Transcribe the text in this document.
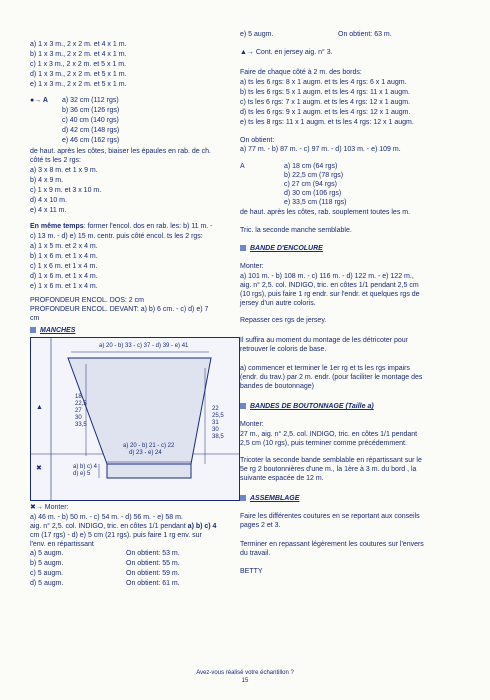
a) 1 x 3 m., 2 x 2 m. et 4 x 1 m.
b) 1 x 3 m., 2 x 2 m. et 4 x 1 m.
c) 1 x 3 m., 2 x 2 m. et 5 x 1 m.
d) 1 x 3 m., 2 x 2 m. et 5 x 1 m.
e) 1 x 3 m., 2 x 2 m. et 5 x 1 m.
●→ A a) 32 cm (112 rgs)
b) 36 cm (126 rgs)
c) 40 cm (140 rgs)
d) 42 cm (148 rgs)
e) 46 cm (162 rgs)
de haut. après les côtes, biaiser les épaules en rab. de ch.
côté ts les 2 rgs:
a) 3 x 8 m. et 1 x 9 m.
b) 4 x 9 m.
c) 1 x 9 m. et 3 x 10 m.
d) 4 x 10 m.
e) 4 x 11 m.
En même temps: former l'encol. dos en rab. les: b) 11 m. -
c) 13 m. - d) e) 15 m. centr. puis côté encol. ts les 2 rgs:
a) 1 x 5 m. et 2 x 4 m.
b) 1 x 6 m. et 1 x 4 m.
c) 1 x 6 m. et 1 x 4 m.
d) 1 x 6 m. et 1 x 4 m.
e) 1 x 6 m. et 1 x 4 m.
PROFONDEUR ENCOL. DOS: 2 cm
PROFONDEUR ENCOL. DEVANT: a) b) 6 cm. - c) d) e) 7
cm
MANCHES
a) 20 - b) 33 - c) 37 - d) 39 - e) 41
18
22,5
27
30
33,5
22
25,5
31
30
38,5
a) 20 - b) 21 - c) 22
d) 23 - e) 24
a) b) c) 4
d) e) 5
▲
✖
✖→ Monter:
a) 46 m. - b) 50 m. - c) 54 m. - d) 56 m. - e) 58 m.
aig. n° 2,5. col. INDIGO, tric. en côtes 1/1 pendant a) b) c) 4
cm (17 rgs) - d) e) 5 cm (21 rgs). puis faire 1 rg env. sur
l'env. en répartissant
a) 5 augm.	On obtient: 53 m.
b) 5 augm.	On obtient: 55 m.
c) 5 augm.	On obtient: 59 m.
d) 5 augm.	On obtient: 61 m.
e) 5 augm.	On obtient: 63 m.
▲→ Cont. en jersey aig. n° 3.
Faire de chaque côté à 2 m. des bords:
a) ts les 6 rgs: 8 x 1 augm. et ts les 4 rgs: 6 x 1 augm.
b) ts les 6 rgs: 5 x 1 augm. et ts les 4 rgs: 11 x 1 augm.
c) ts les 6 rgs: 7 x 1 augm. et ts les 4 rgs: 12 x 1 augm.
d) ts les 6 rgs: 9 x 1 augm. et ts les 4 rgs: 12 x 1 augm.
e) ts les 8 rgs: 11 x 1 augm. et ts les 4 rgs: 12 x 1 augm.
On obtient:
a) 77 m. - b) 87 m. - c) 97 m. - d) 103 m. - e) 109 m.
A	a) 18 cm (64 rgs)
b) 22,5 cm (78 rgs)
c) 27 cm (94 rgs)
d) 30 cm (106 rgs)
e) 33,5 cm (118 rgs)
de haut. après les côtes, rab. souplement toutes les m.
Tric. la seconde manche semblable.
BANDE D'ENCOLURE
Monter:
a) 101 m. - b) 108 m. - c) 116 m. - d) 122 m. - e) 122 m.,
aig. n° 2,5. col. INDIGO, tric. en côtes 1/1 pendant 2,5 cm
(10 rgs), puis faire 1 rg endr. sur l'endr. et quelques rgs de
jersey d'un autre coloris.
Repasser ces rgs de jersey.
Il suffira au moment du montage de les détricoter pour
retrouver le coloris de base.
a) commencer et terminer le 1er rg et ts les rgs impairs
(endr. du trav.) par 2 m. endr. (pour faciliter le montage des
bandes de boutonnage)
BANDES DE BOUTONNAGE (Taille a)
Monter:
27 m., aig. n° 2,5. col. INDIGO, tric. en côtes 1/1 pendant
2,5 cm (10 rgs), puis terminer comme précédemment.
Tricoter la seconde bande semblable en répartissant sur le
5e rg 2 boutonnières d'une m., la 1ère à 3 m. du bord , la
suivante espacée de 12 m.
ASSEMBLAGE
Faire les différentes coutures en se reportant aux conseils
pages 2 et 3.
Terminer en repassant légèrement les coutures sur l'envers
du travail.
BETTY
Avez-vous réalisé votre échantillon ?
15
